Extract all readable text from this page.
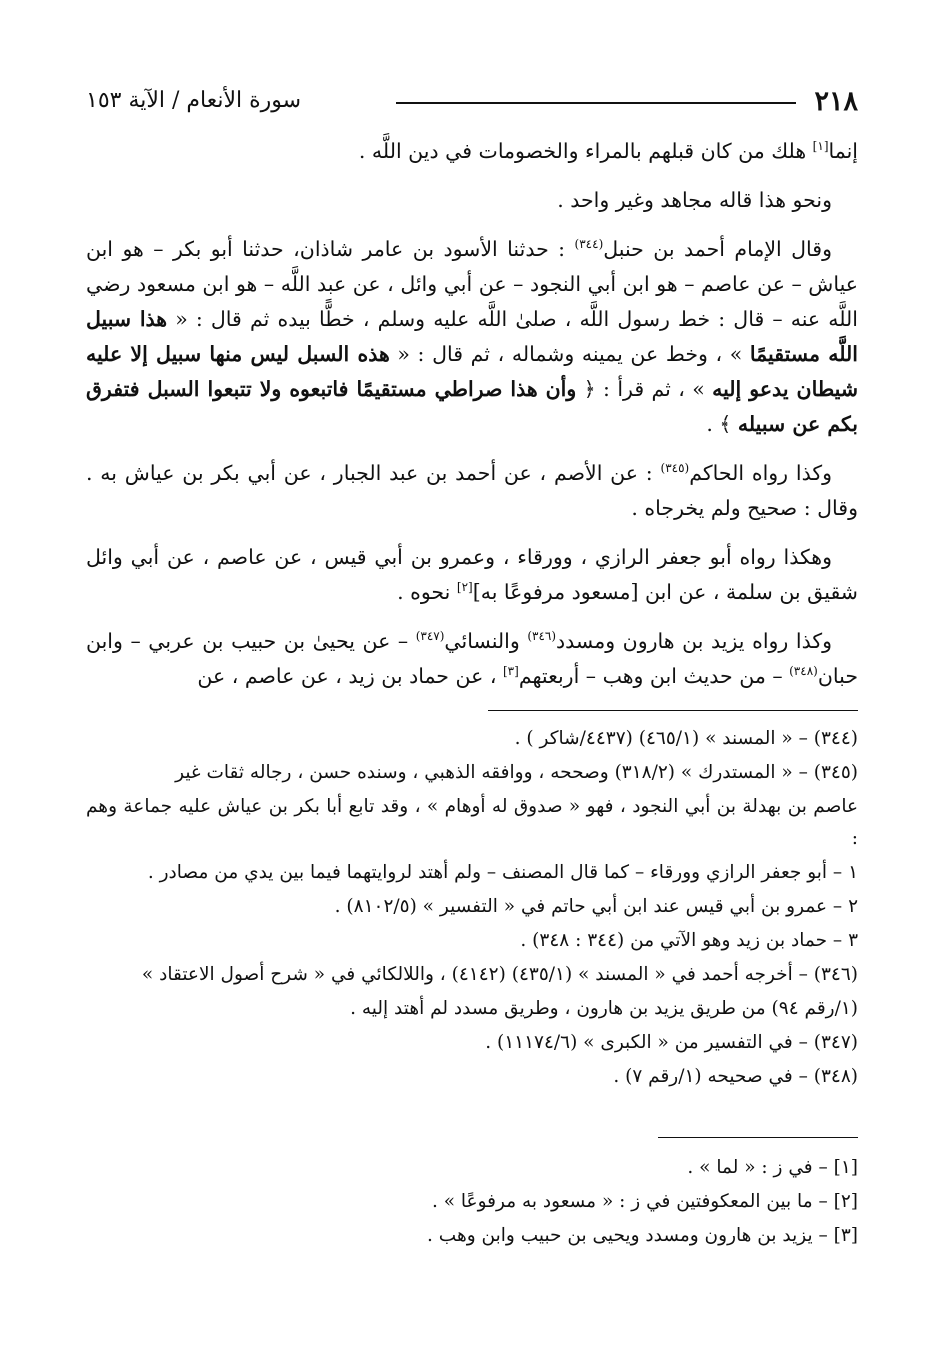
٢١٨
سورة الأنعام / الآية ١٥٣

إنما[١] هلك من كان قبلهم بالمراء والخصومات في دين اللَّه .

ونحو هذا قاله مجاهد وغير واحد .

وقال الإمام أحمد بن حنبل$^{(٣٤٤)}$ : حدثنا الأسود بن عامر شاذان، حدثنا أبو بكر – هو ابن عياش – عن عاصم – هو ابن أبي النجود – عن أبي وائل ، عن عبد اللَّه – هو ابن مسعود رضي اللَّه عنه – قال : خط رسول اللَّه ، صلىٰ اللَّه عليه وسلم ، خطًّا بيده ثم قال : « هذا سبيل اللَّه مستقيمًا » ، وخط عن يمينه وشماله ، ثم قال : « هذه السبل ليس منها سبيل إلا عليه شيطان يدعو إليه » ، ثم قرأ : ﴿ وأن هذا صراطي مستقيمًا فاتبعوه ولا تتبعوا السبل فتفرق بكم عن سبيله ﴾ .

وكذا رواه الحاكم$^{(٣٤٥)}$ : عن الأصم ، عن أحمد بن عبد الجبار ، عن أبي بكر بن عياش به . وقال : صحيح ولم يخرجاه .

وهكذا رواه أبو جعفر الرازي ، وورقاء ، وعمرو بن أبي قيس ، عن عاصم ، عن أبي وائل شقيق بن سلمة ، عن ابن [مسعود مرفوعًا به][٢] نحوه .

وكذا رواه يزيد بن هارون ومسدد$^{(٣٤٦)}$ والنسائي$^{(٣٤٧)}$ – عن يحيىٰ بن حبيب بن عربي – وابن حبان$^{(٣٤٨)}$ – من حديث ابن وهب – أربعتهم[٣] ، عن حماد بن زيد ، عن عاصم ، عن

(٣٤٤) – « المسند » (٤٦٥/١) (٤٤٣٧/شاكر ) .
(٣٤٥) – « المستدرك » (٣١٨/٢) وصححه ، ووافقه الذهبي ، وسنده حسن ، رجاله ثقات غير
عاصم بن بهدلة بن أبي النجود ، فهو « صدوق له أوهام » ، وقد تابع أبا بكر بن عياش عليه جماعة وهم :
١ – أبو جعفر الرازي وورقاء – كما قال المصنف – ولم أهتد لروايتهما فيما بين يدي من مصادر .
٢ – عمرو بن أبي قيس عند ابن أبي حاتم في « التفسير » (٨١٠٢/٥) .
٣ – حماد بن زيد وهو الآتي من (٣٤٤ : ٣٤٨) .
(٣٤٦) – أخرجه أحمد في « المسند » (٤٣٥/١) (٤١٤٢) ، واللالكائي في « شرح أصول الاعتقاد »
(١/رقم ٩٤) من طريق يزيد بن هارون ، وطريق مسدد لم أهتد إليه .
(٣٤٧) – في التفسير من « الكبرى » (١١١٧٤/٦) .
(٣٤٨) – في صحيحه (١/رقم ٧) .
[١] – في ز : « لما » .
[٢] – ما بين المعكوفتين في ز : « مسعود به مرفوعًا » .
[٣] – يزيد بن هارون ومسدد ويحيى بن حبيب وابن وهب .
